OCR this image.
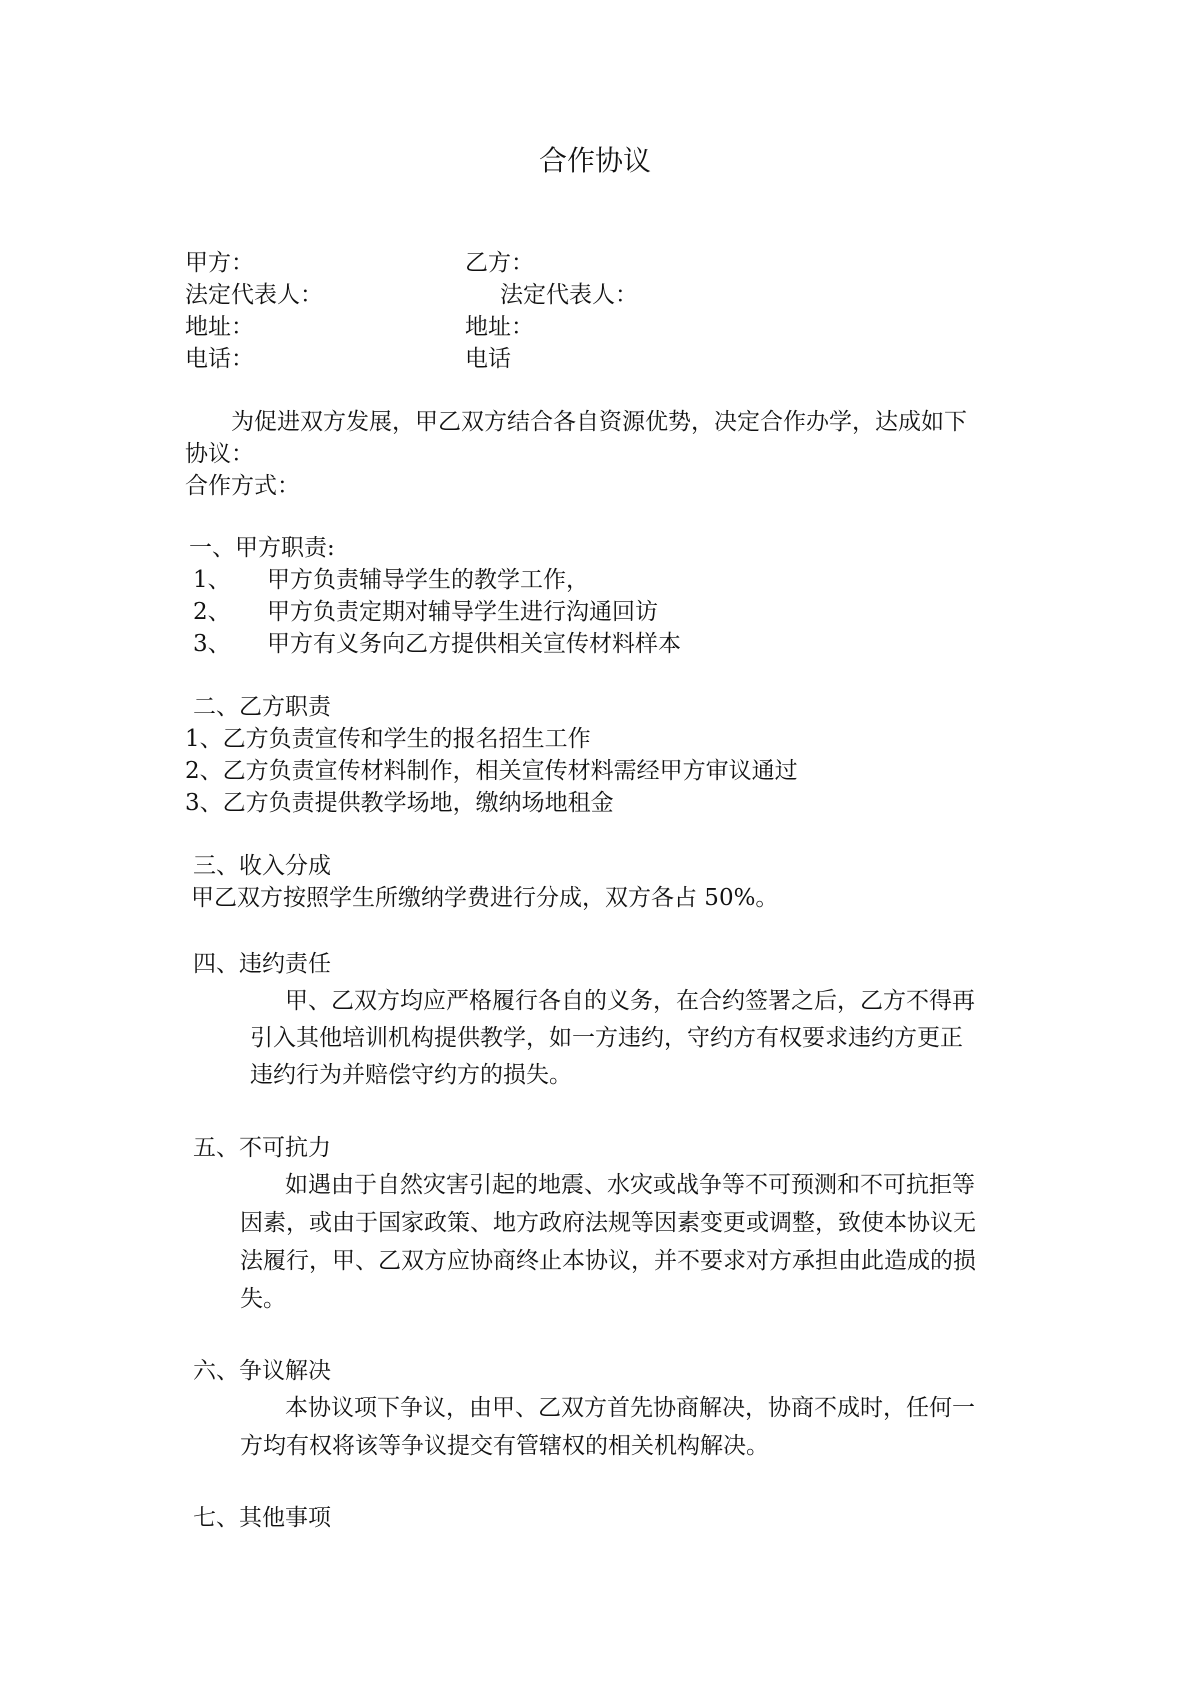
合作协议
甲方：	乙方：
法定代表人：	法定代表人：
地址：	地址：
电话：	电话
为促进双方发展，甲乙双方结合各自资源优势，决定合作办学，达成如下
协议：
合作方式：
一、甲方职责:
1、 甲方负责辅导学生的教学工作，
2、 甲方负责定期对辅导学生进行沟通回访
3、 甲方有义务向乙方提供相关宣传材料样本
二、乙方职责
1、乙方负责宣传和学生的报名招生工作
2、乙方负责宣传材料制作，相关宣传材料需经甲方审议通过
3、乙方负责提供教学场地，缴纳场地租金
三、收入分成
甲乙双方按照学生所缴纳学费进行分成，双方各占 50%。
四、违约责任
甲、乙双方均应严格履行各自的义务，在合约签署之后，乙方不得再
引入其他培训机构提供教学，如一方违约，守约方有权要求违约方更正
违约行为并赔偿守约方的损失。
五、不可抗力
如遇由于自然灾害引起的地震、水灾或战争等不可预测和不可抗拒等
因素，或由于国家政策、地方政府法规等因素变更或调整，致使本协议无
法履行，甲、乙双方应协商终止本协议，并不要求对方承担由此造成的损
失。
六、争议解决
本协议项下争议，由甲、乙双方首先协商解决，协商不成时，任何一
方均有权将该等争议提交有管辖权的相关机构解决。
七、其他事项
